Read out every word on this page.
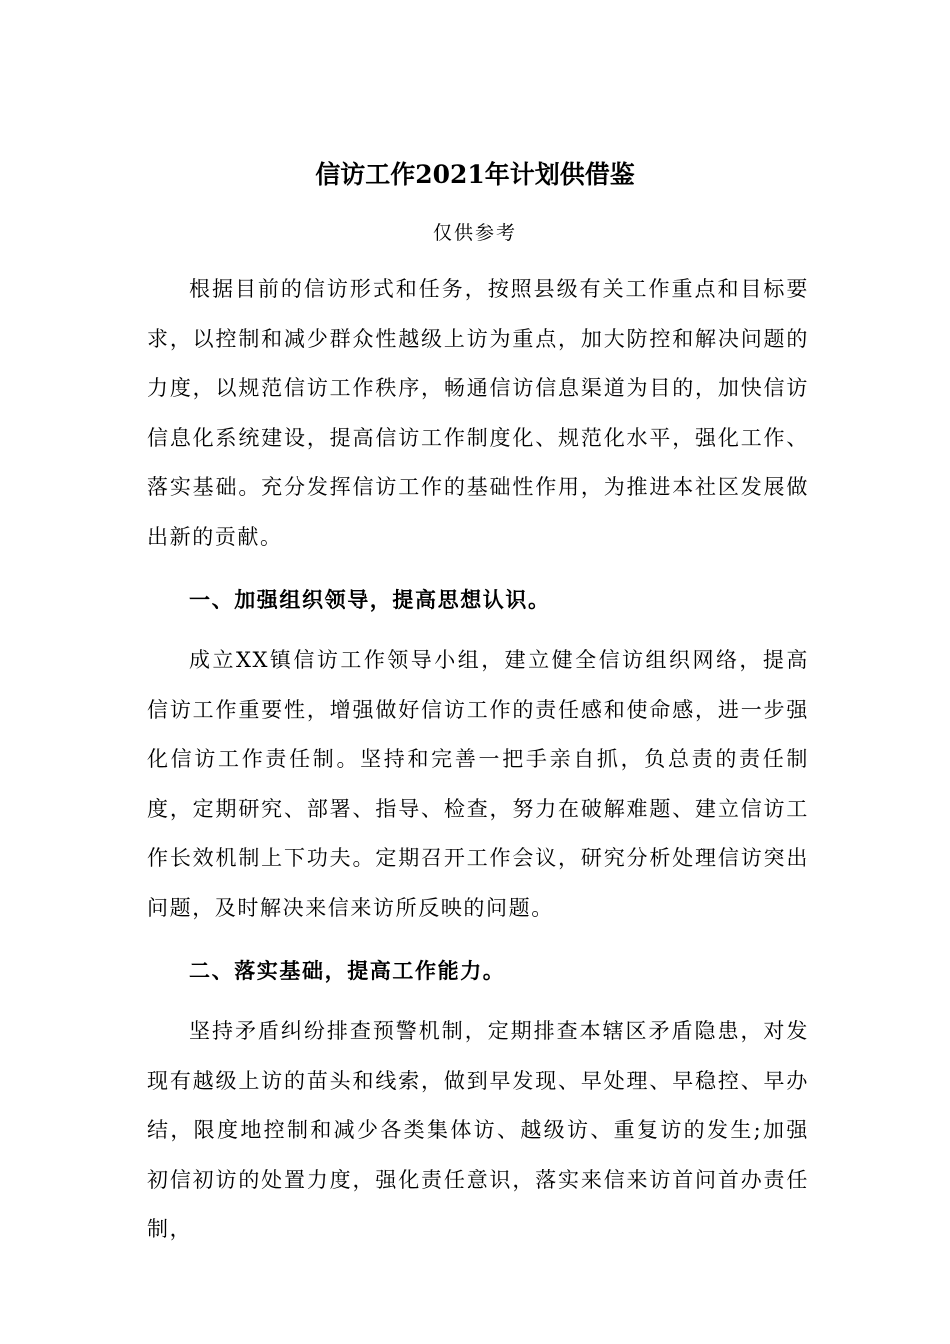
信访工作2021年计划供借鉴
仅供参考

根据目前的信访形式和任务，按照县级有关工作重点和目标要求，以控制和减少群众性越级上访为重点，加大防控和解决问题的力度，以规范信访工作秩序，畅通信访信息渠道为目的，加快信访信息化系统建设，提高信访工作制度化、规范化水平，强化工作、落实基础。充分发挥信访工作的基础性作用，为推进本社区发展做出新的贡献。

一、加强组织领导，提高思想认识。

成立XX镇信访工作领导小组，建立健全信访组织网络，提高信访工作重要性，增强做好信访工作的责任感和使命感，进一步强化信访工作责任制。坚持和完善一把手亲自抓，负总责的责任制度，定期研究、部署、指导、检查，努力在破解难题、建立信访工作长效机制上下功夫。定期召开工作会议，研究分析处理信访突出问题，及时解决来信来访所反映的问题。

二、落实基础，提高工作能力。

坚持矛盾纠纷排查预警机制，定期排查本辖区矛盾隐患，对发现有越级上访的苗头和线索，做到早发现、早处理、早稳控、早办结，限度地控制和减少各类集体访、越级访、重复访的发生;加强初信初访的处置力度，强化责任意识，落实来信来访首问首办责任制，
